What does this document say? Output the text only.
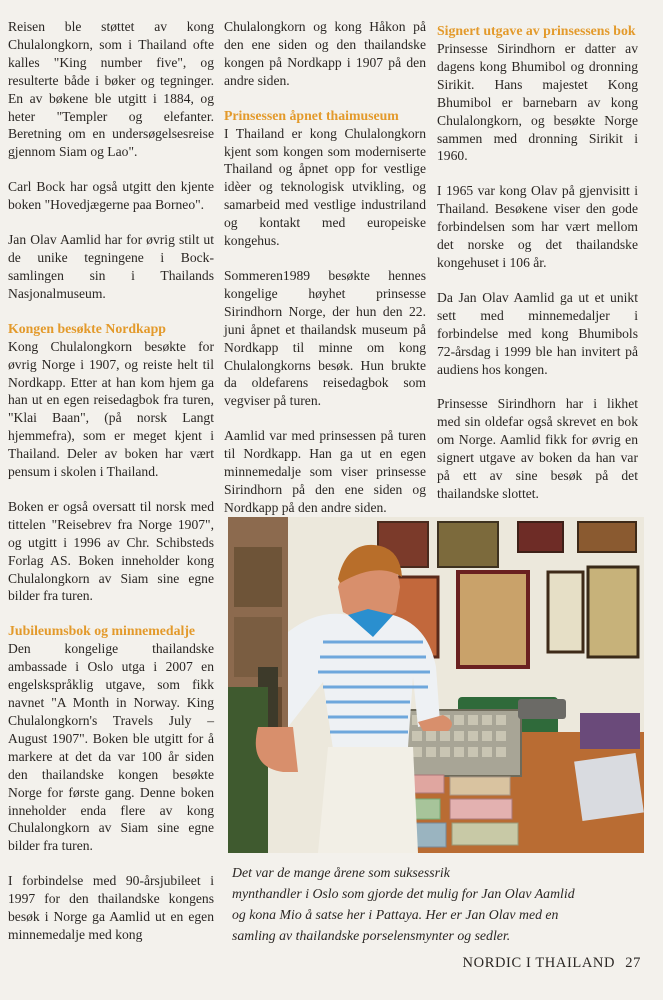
Reisen ble støttet av kong Chulalongkorn, som i Thailand ofte kalles "King number five", og resulterte både i bøker og tegninger. En av bøkene ble utgitt i 1884, og heter "Templer og elefanter. Beretning om en undersøgelsesreise gjennom Siam og Lao".

Carl Bock har også utgitt den kjente boken "Hovedjægerne paa Borneo".

Jan Olav Aamlid har for øvrig stilt ut de unike tegningene i Bock-samlingen sin i Thailands Nasjonalmuseum.

Kongen besøkte Nordkapp

Kong Chulalongkorn besøkte for øvrig Norge i 1907, og reiste helt til Nordkapp. Etter at han kom hjem ga han ut en egen reisedagbok fra turen, "Klai Baan", (på norsk Langt hjemmefra), som er meget kjent i Thailand. Deler av boken har vært pensum i skolen i Thailand.

Boken er også oversatt til norsk med tittelen "Reisebrev fra Norge 1907", og utgitt i 1996 av Chr. Schibsteds Forlag AS. Boken inneholder kong Chulalongkorn av Siam sine egne bilder fra turen.

Jubileumsbok og minnemedalje

Den kongelige thailandske ambassade i Oslo utga i 2007 en engelskspråklig utgave, som fikk navnet "A Month in Norway. King Chulalongkorn's Travels July – August 1907". Boken ble utgitt for å markere at det da var 100 år siden den thailandske kongen besøkte Norge for første gang. Denne boken inneholder enda flere av kong Chulalongkorn av Siam sine egne bilder fra turen.

I forbindelse med 90-årsjubileet i 1997 for den thailandske kongens besøk i Norge ga Aamlid ut en egen minnemedalje med kong

Chulalongkorn og kong Håkon på den ene siden og den thailandske kongen på Nordkapp i 1907 på den andre siden.

Prinsessen åpnet thaimuseum

I Thailand er kong Chulalongkorn kjent som kongen som moderniserte Thailand og åpnet opp for vestlige idèer og teknologisk utvikling, og samarbeid med vestlige industriland og kontakt med europeiske kongehus.

Sommeren1989 besøkte hennes kongelige høyhet prinsesse Sirindhorn Norge, der hun den 22. juni åpnet et thailandsk museum på Nordkapp til minne om kong Chulalongkorns besøk. Hun brukte da oldefarens reisedagbok som vegviser på turen.

Aamlid var med prinsessen på turen til Nordkapp. Han ga ut en egen minnemedalje som viser prinsesse Sirindhorn på den ene siden og Nordkapp på den andre siden.

Signert utgave av prinsessens bok

Prinsesse Sirindhorn er datter av dagens kong Bhumibol og dronning Sirikit. Hans majestet Kong Bhumibol er barnebarn av kong Chulalongkorn, og besøkte Norge sammen med dronning Sirikit i 1960.

I 1965 var kong Olav på gjenvisitt i Thailand. Besøkene viser den gode forbindelsen som har vært mellom det norske og det thailandske kongehuset i 106 år.

Da Jan Olav Aamlid ga ut et unikt sett med minnemedaljer i forbindelse med kong Bhumibols 72-årsdag i 1999 ble han invitert på audiens hos kongen.

Prinsesse Sirindhorn har i likhet med sin oldefar også skrevet en bok om Norge. Aamlid fikk for øvrig en signert utgave av boken da han var på ett av sine besøk på det thailandske slottet.

Det var de mange årene som suksessrik

mynthandler i Oslo som gjorde det mulig for Jan Olav Aamlid

og kona Mio å satse her i Pattaya. Her er Jan Olav med en

samling av thailandske porselensmynter og sedler.

NORDIC I THAILAND 27
